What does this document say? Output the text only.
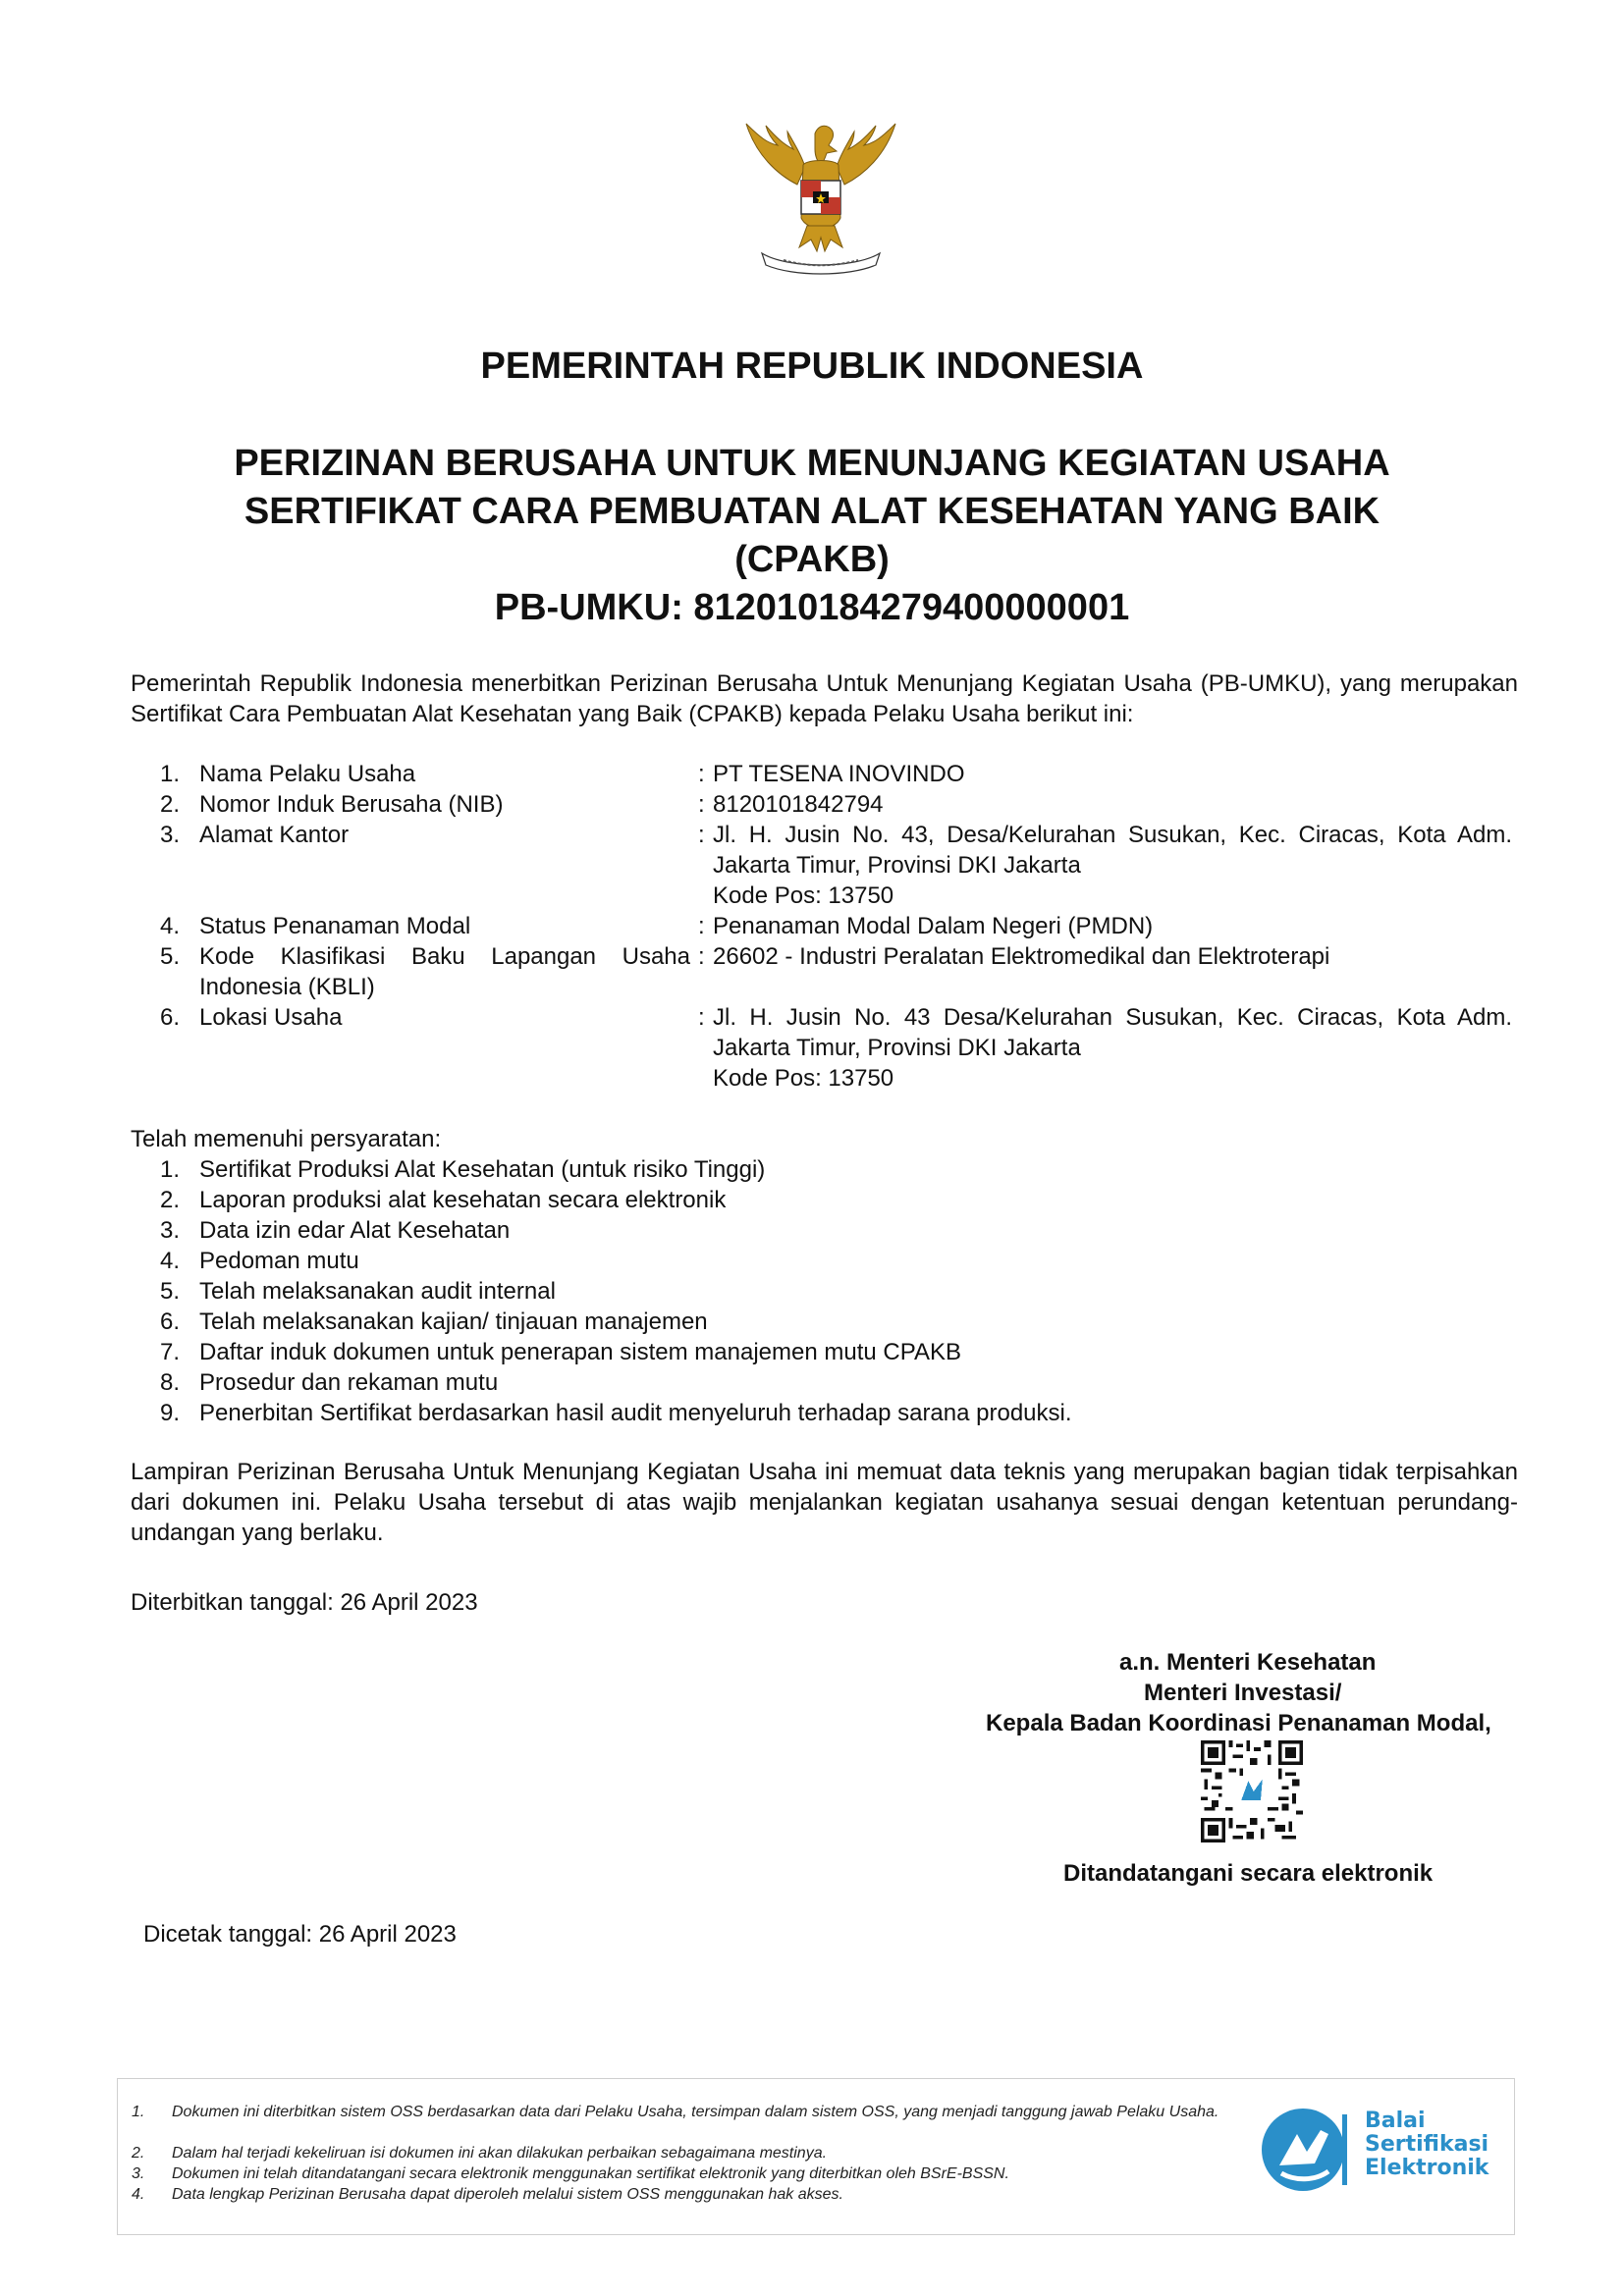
PEMERINTAH REPUBLIK INDONESIA
PERIZINAN BERUSAHA UNTUK MENUNJANG KEGIATAN USAHA
SERTIFIKAT CARA PEMBUATAN ALAT KESEHATAN YANG BAIK
(CPAKB)
PB-UMKU: 812010184279400000001
Pemerintah Republik Indonesia menerbitkan Perizinan Berusaha Untuk Menunjang Kegiatan Usaha (PB-UMKU), yang merupakan Sertifikat Cara Pembuatan Alat Kesehatan yang Baik (CPAKB) kepada Pelaku Usaha berikut ini:
1. Nama Pelaku Usaha	: PT TESENA INOVINDO
2. Nomor Induk Berusaha (NIB)	: 8120101842794
3. Alamat Kantor	: Jl. H. Jusin No. 43, Desa/Kelurahan Susukan, Kec. Ciracas, Kota Adm. Jakarta Timur, Provinsi DKI Jakarta
Kode Pos: 13750
4. Status Penanaman Modal	: Penanaman Modal Dalam Negeri (PMDN)
5. Kode Klasifikasi Baku Lapangan Usaha Indonesia (KBLI)
: 26602 - Industri Peralatan Elektromedikal dan Elektroterapi
6. Lokasi Usaha	: Jl. H. Jusin No. 43 Desa/Kelurahan Susukan, Kec. Ciracas, Kota Adm. Jakarta Timur, Provinsi DKI Jakarta
Kode Pos: 13750
Telah memenuhi persyaratan:
1. Sertifikat Produksi Alat Kesehatan (untuk risiko Tinggi)
2. Laporan produksi alat kesehatan secara elektronik
3. Data izin edar Alat Kesehatan
4. Pedoman mutu
5. Telah melaksanakan audit internal
6. Telah melaksanakan kajian/ tinjauan manajemen
7. Daftar induk dokumen untuk penerapan sistem manajemen mutu CPAKB
8. Prosedur dan rekaman mutu
9. Penerbitan Sertifikat berdasarkan hasil audit menyeluruh terhadap sarana produksi.
Lampiran Perizinan Berusaha Untuk Menunjang Kegiatan Usaha ini memuat data teknis yang merupakan bagian tidak terpisahkan dari dokumen ini. Pelaku Usaha tersebut di atas wajib menjalankan kegiatan usahanya sesuai dengan ketentuan perundang-undangan yang berlaku.
Diterbitkan tanggal: 26 April 2023
a.n. Menteri Kesehatan
Menteri Investasi/
Kepala Badan Koordinasi Penanaman Modal,
Ditandatangani secara elektronik
Dicetak tanggal: 26 April 2023
1. Dokumen ini diterbitkan sistem OSS berdasarkan data dari Pelaku Usaha, tersimpan dalam sistem OSS, yang menjadi tanggung jawab Pelaku Usaha.
2. Dalam hal terjadi kekeliruan isi dokumen ini akan dilakukan perbaikan sebagaimana mestinya.
3. Dokumen ini telah ditandatangani secara elektronik menggunakan sertifikat elektronik yang diterbitkan oleh BSrE-BSSN.
4. Data lengkap Perizinan Berusaha dapat diperoleh melalui sistem OSS menggunakan hak akses.
Balai
Sertifikasi
Elektronik
